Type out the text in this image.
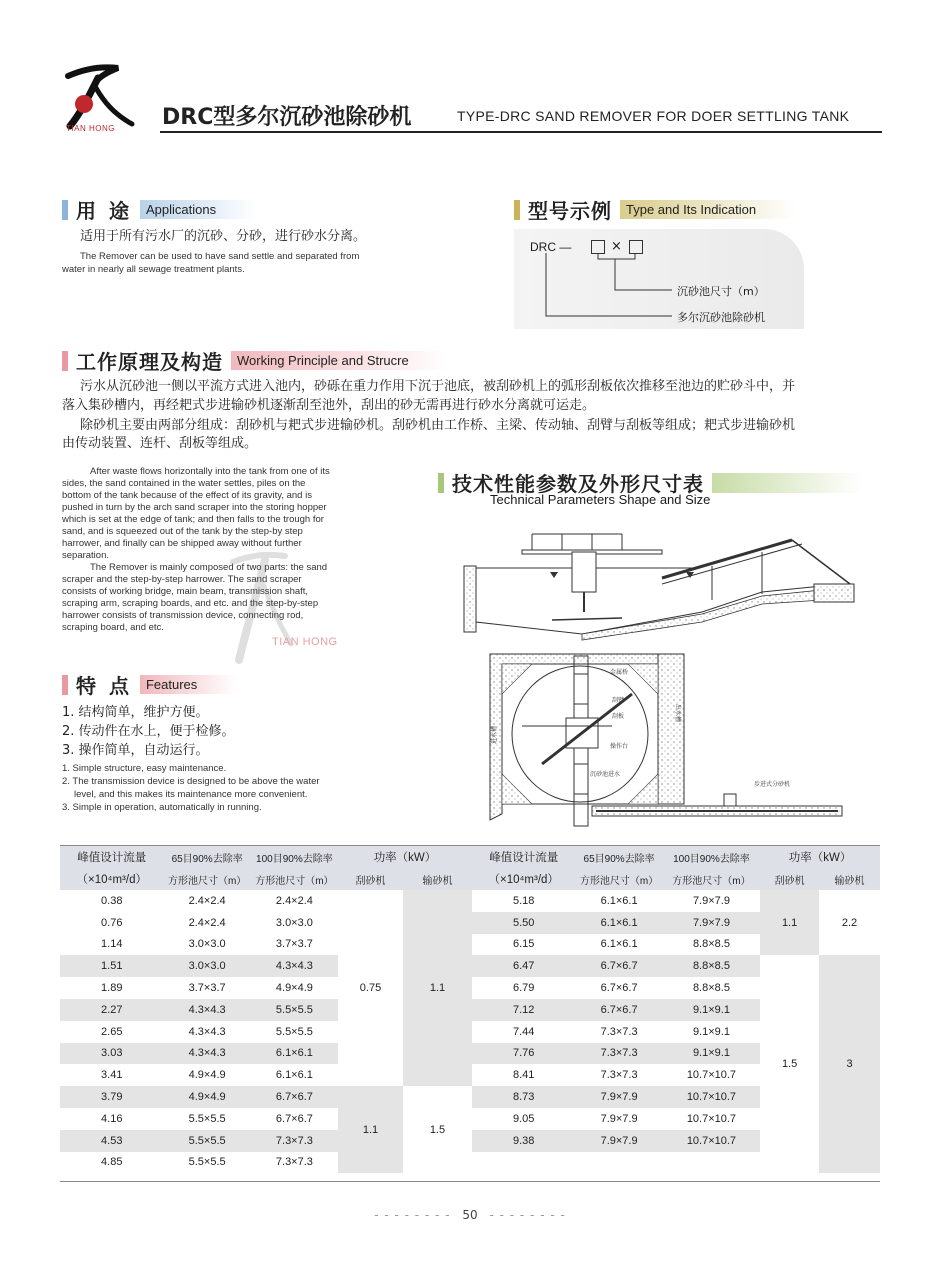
TIAN HONG DRC型多尔沉砂池除砂机	TYPE-DRC SAND REMOVER FOR DOER SETTLING TANK
用 途	Applications
适用于所有污水厂的沉砂、分砂，进行砂水分离。
The Remover can be used to have sand settle and separated from
water in nearly all sewage treatment plants.
型号示例	Type and Its Indication
DRC —	×
沉砂池尺寸（m）
多尔沉砂池除砂机
工作原理及构造	Working Principle and Strucre
污水从沉砂池一侧以平流方式进入池内，砂砾在重力作用下沉于池底，被刮砂机上的弧形刮板依次推移至池边的贮砂斗中，并
落入集砂槽内，再经耙式步进输砂机逐渐刮至池外，刮出的砂无需再进行砂水分离就可运走。
除砂机主要由两部分组成：刮砂机与耙式步进输砂机。刮砂机由工作桥、主梁、传动轴、刮臂与刮板等组成；耙式步进输砂机
由传动装置、连杆、刮板等组成。
After waste flows horizontally into the tank from one of its
sides, the sand contained in the water settles, piles on the
bottom of the tank because of the effect of its gravity, and is
pushed in turn by the arch sand scraper into the storing hopper
which is set at the edge of tank; and then falls to the trough for
sand, and is squeezed out of the tank by the step-by step
harrower, and finally can be shipped away without further
separation.
The Remover is mainly composed of two parts: the sand
scraper and the step-by-step harrower. The sand scraper
consists of working bridge, main beam, transmission shaft,
scraping arm, scraping boards, and etc. and the step-by-step
harrower consists of transmission device, connecting rod,
scraping board, and etc.
TIAN HONG
特 点	Features
1. 结构简单，维护方便。
2. 传动件在水上，便于检修。
3. 操作简单，自动运行。
1. Simple structure, easy maintenance.
2. The transmission device is designed to be above the water
level, and this makes its maintenance more convenient.
3. Simple in operation, automatically in running.
技术性能参数及外形尺寸表
Technical Parameters Shape and Size
金属桥
刮臂
操作台
刮板
沉砂池进水
出水槽
步进式分砂机
进水槽
峰值设计流量	65目90%去除率	100目90%去除率	功率（kW）		峰值设计流量	65目90%去除率	100目90%去除率	功率（kW）	
（×10⁴m³/d）	方形池尺寸（m）	方形池尺寸（m）	刮砂机	输砂机	（×10⁴m³/d）	方形池尺寸（m）	方形池尺寸（m）	刮砂机	输砂机
0.38	2.4×2.4	2.4×2.4	0.75	1.1	5.18	6.1×6.1	7.9×7.9	1.1	2.2
0.76	2.4×2.4	3.0×3.0			5.50	6.1×6.1	7.9×7.9		
1.14	3.0×3.0	3.7×3.7			6.15	6.1×6.1	8.8×8.5		
1.51	3.0×3.0	4.3×4.3			6.47	6.7×6.7	8.8×8.5	1.5	3
1.89	3.7×3.7	4.9×4.9			6.79	6.7×6.7	8.8×8.5		
2.27	4.3×4.3	5.5×5.5			7.12	6.7×6.7	9.1×9.1		
2.65	4.3×4.3	5.5×5.5			7.44	7.3×7.3	9.1×9.1		
3.03	4.3×4.3	6.1×6.1			7.76	7.3×7.3	9.1×9.1		
3.41	4.9×4.9	6.1×6.1			8.41	7.3×7.3	10.7×10.7		
3.79	4.9×4.9	6.7×6.7	1.1	1.5	8.73	7.9×7.9	10.7×10.7		
4.16	5.5×5.5	6.7×6.7			9.05	7.9×7.9	10.7×10.7		
4.53	5.5×5.5	7.3×7.3			9.38	7.9×7.9	10.7×10.7		
4.85	5.5×5.5	7.3×7.3							
- - - - - - - - 50 - - - - - - - -
